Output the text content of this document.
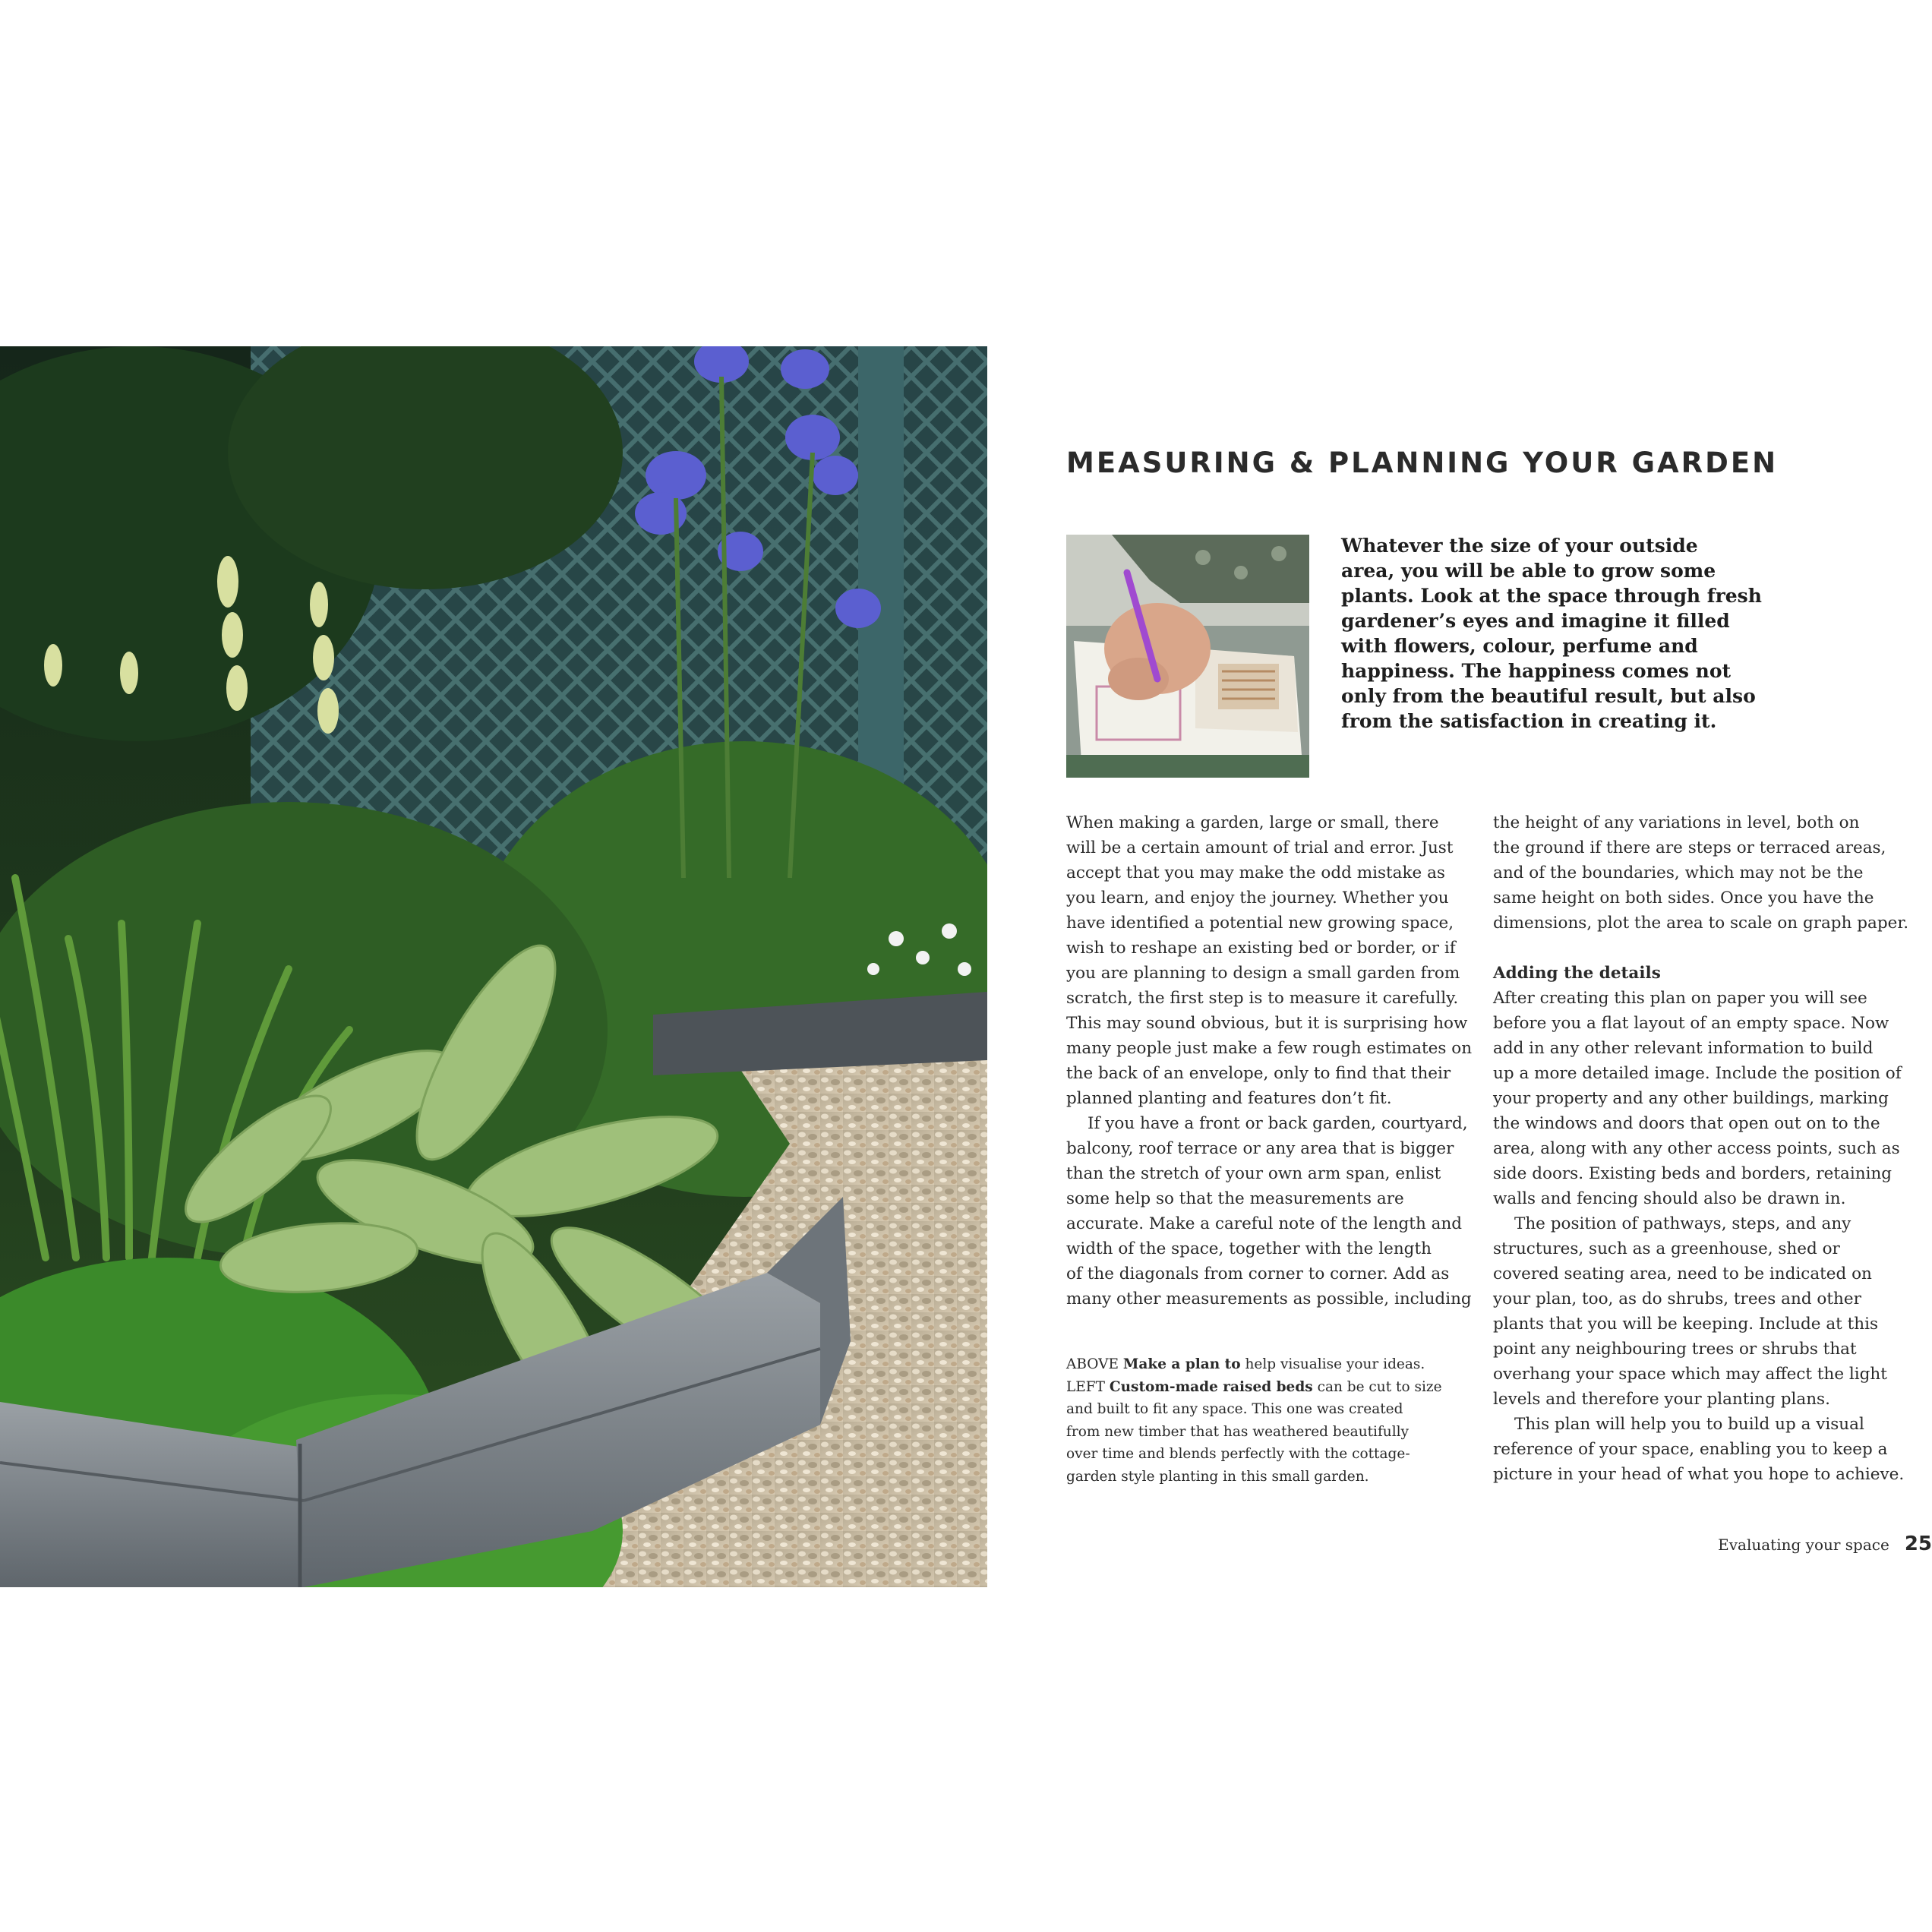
MEASURING & PLANNING YOUR GARDEN
Whatever the size of your outside
area, you will be able to grow some
plants. Look at the space through fresh
gardener’s eyes and imagine it filled
with flowers, colour, perfume and
happiness. The happiness comes not
only from the beautiful result, but also
from the satisfaction in creating it.
When making a garden, large or small, there
will be a certain amount of trial and error. Just
accept that you may make the odd mistake as
you learn, and enjoy the journey. Whether you
have identified a potential new growing space,
wish to reshape an existing bed or border, or if
you are planning to design a small garden from
scratch, the first step is to measure it carefully.
This may sound obvious, but it is surprising how
many people just make a few rough estimates on
the back of an envelope, only to find that their
planned planting and features don’t fit.
If you have a front or back garden, courtyard,
balcony, roof terrace or any area that is bigger
than the stretch of your own arm span, enlist
some help so that the measurements are
accurate. Make a careful note of the length and
width of the space, together with the length
of the diagonals from corner to corner. Add as
many other measurements as possible, including
the height of any variations in level, both on
the ground if there are steps or terraced areas,
and of the boundaries, which may not be the
same height on both sides. Once you have the
dimensions, plot the area to scale on graph paper.
Adding the details
After creating this plan on paper you will see
before you a flat layout of an empty space. Now
add in any other relevant information to build
up a more detailed image. Include the position of
your property and any other buildings, marking
the windows and doors that open out on to the
area, along with any other access points, such as
side doors. Existing beds and borders, retaining
walls and fencing should also be drawn in.
The position of pathways, steps, and any
structures, such as a greenhouse, shed or
covered seating area, need to be indicated on
your plan, too, as do shrubs, trees and other
plants that you will be keeping. Include at this
point any neighbouring trees or shrubs that
overhang your space which may affect the light
levels and therefore your planting plans.
This plan will help you to build up a visual
reference of your space, enabling you to keep a
picture in your head of what you hope to achieve.
ABOVE Make a plan to help visualise your ideas.
LEFT Custom-made raised beds can be cut to size
and built to fit any space. This one was created
from new timber that has weathered beautifully
over time and blends perfectly with the cottage-
garden style planting in this small garden.
Evaluating your space 25
